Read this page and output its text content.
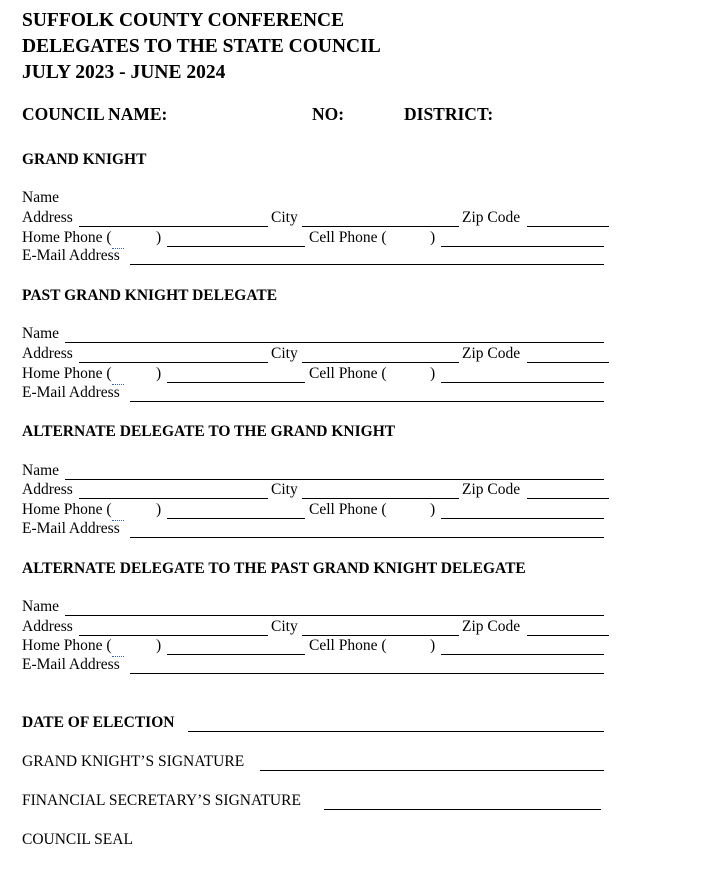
SUFFOLK COUNTY CONFERENCE
DELEGATES TO THE STATE COUNCIL
JULY 2023 - JUNE 2024
COUNCIL NAME:	NO:	DISTRICT:
GRAND KNIGHT
Name
Address	City	Zip Code
Home Phone (	)	Cell Phone (	)
E-Mail Address
PAST GRAND KNIGHT DELEGATE
Name
Address	City	Zip Code
Home Phone (	)	Cell Phone (	)
E-Mail Address
ALTERNATE DELEGATE TO THE GRAND KNIGHT
Name
Address	City	Zip Code
Home Phone (	)	Cell Phone (	)
E-Mail Address
ALTERNATE DELEGATE TO THE PAST GRAND KNIGHT DELEGATE
Name
Address	City	Zip Code
Home Phone (	)	Cell Phone (	)
E-Mail Address
DATE OF ELECTION
GRAND KNIGHT’S SIGNATURE
FINANCIAL SECRETARY’S SIGNATURE
COUNCIL SEAL
